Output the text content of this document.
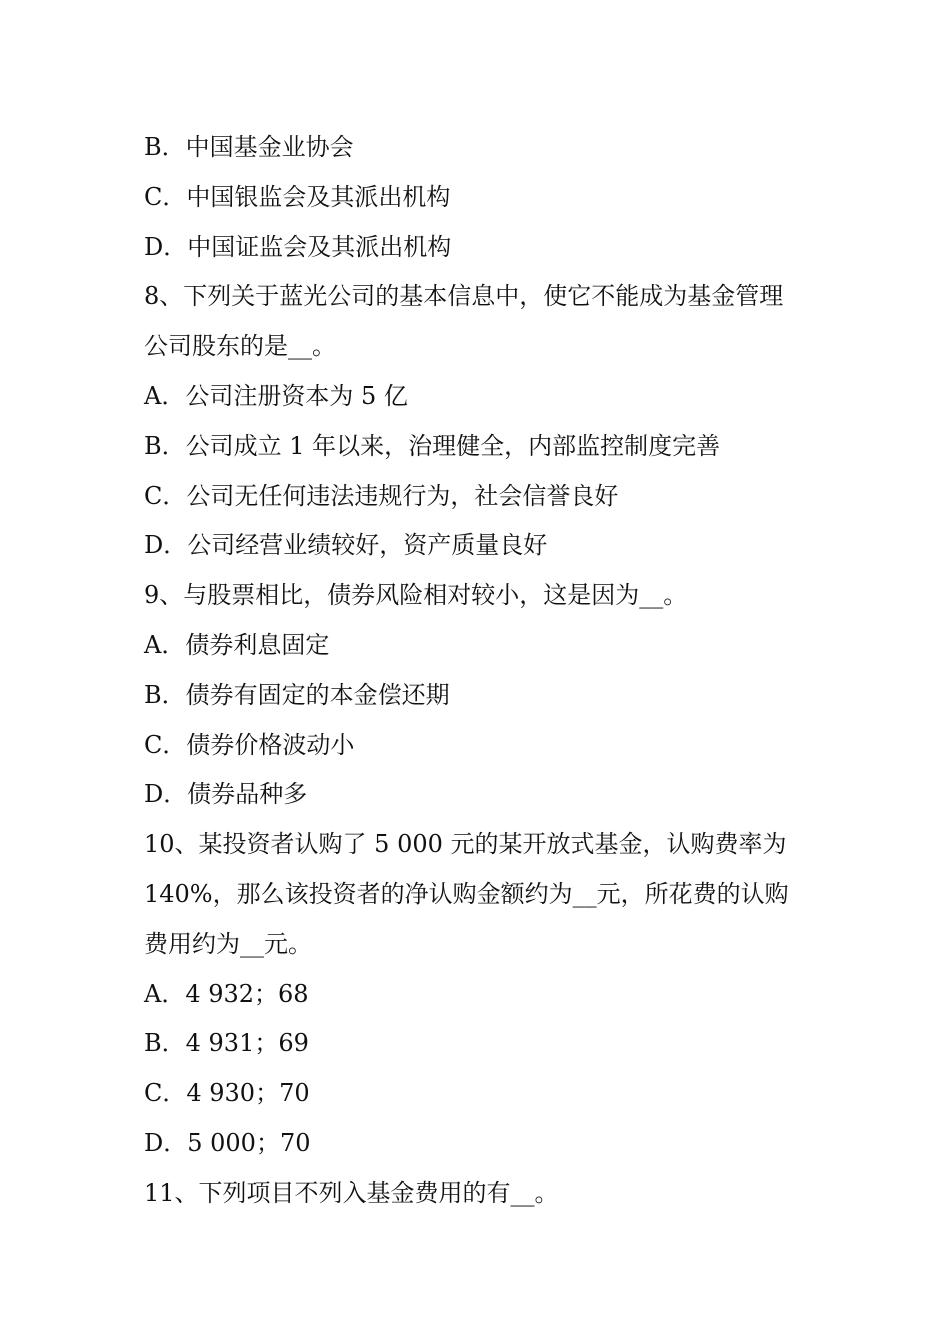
B．中国基金业协会
C．中国银监会及其派出机构
D．中国证监会及其派出机构
8、下列关于蓝光公司的基本信息中，使它不能成为基金管理
公司股东的是__。
A．公司注册资本为 5 亿
B．公司成立 1 年以来，治理健全，内部监控制度完善
C．公司无任何违法违规行为，社会信誉良好
D．公司经营业绩较好，资产质量良好
9、与股票相比，债券风险相对较小，这是因为__。
A．债券利息固定
B．债券有固定的本金偿还期
C．债券价格波动小
D．债券品种多
10、某投资者认购了 5 000 元的某开放式基金，认购费率为
140%，那么该投资者的净认购金额约为__元，所花费的认购
费用约为__元。
A．4 932；68
B．4 931；69
C．4 930；70
D．5 000；70
11、下列项目不列入基金费用的有__。
